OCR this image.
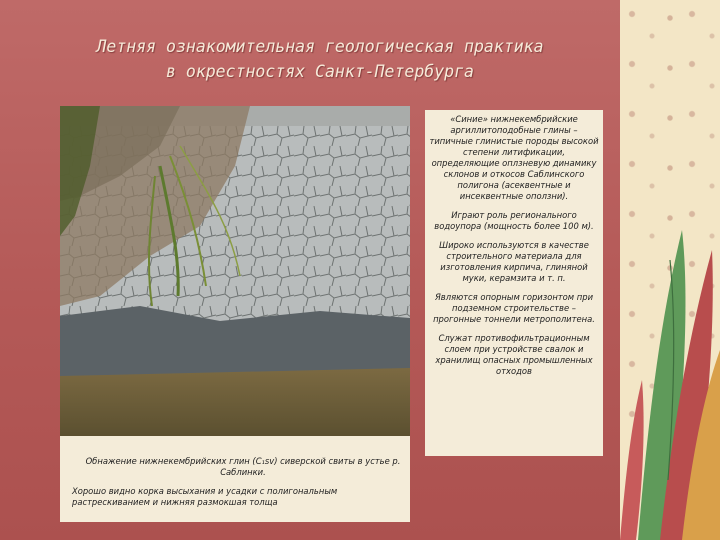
Летняя ознакомительная геологическая практика
в окрестностях Санкт-Петербурга

«Синие» нижнекембрийские аргиллитоподобные глины – типичные глинистые породы высокой степени литификации, определяющие оплзневую динамику склонов и откосов Саблинского полигона (асеквентные и инсеквентные оползни).

Играют роль регионального водоупора (мощность более 100 м).

Широко используются в качестве строительного материала для изготовления кирпича, глиняной муки, керамзита и т. п.

Являются опорным горизонтом при подземном строительстве – прогонные тоннели метрополитена.

Служат противофильтрационным слоем при устройстве свалок и хранилищ опасных промышленных отходов

Обнажение нижнекембрийских глин (C₁sv) сиверской свиты в устье р. Саблинки.
Хорошо видно корка высыхания и усадки с полигональным растрескиванием и нижняя размокшая толща
